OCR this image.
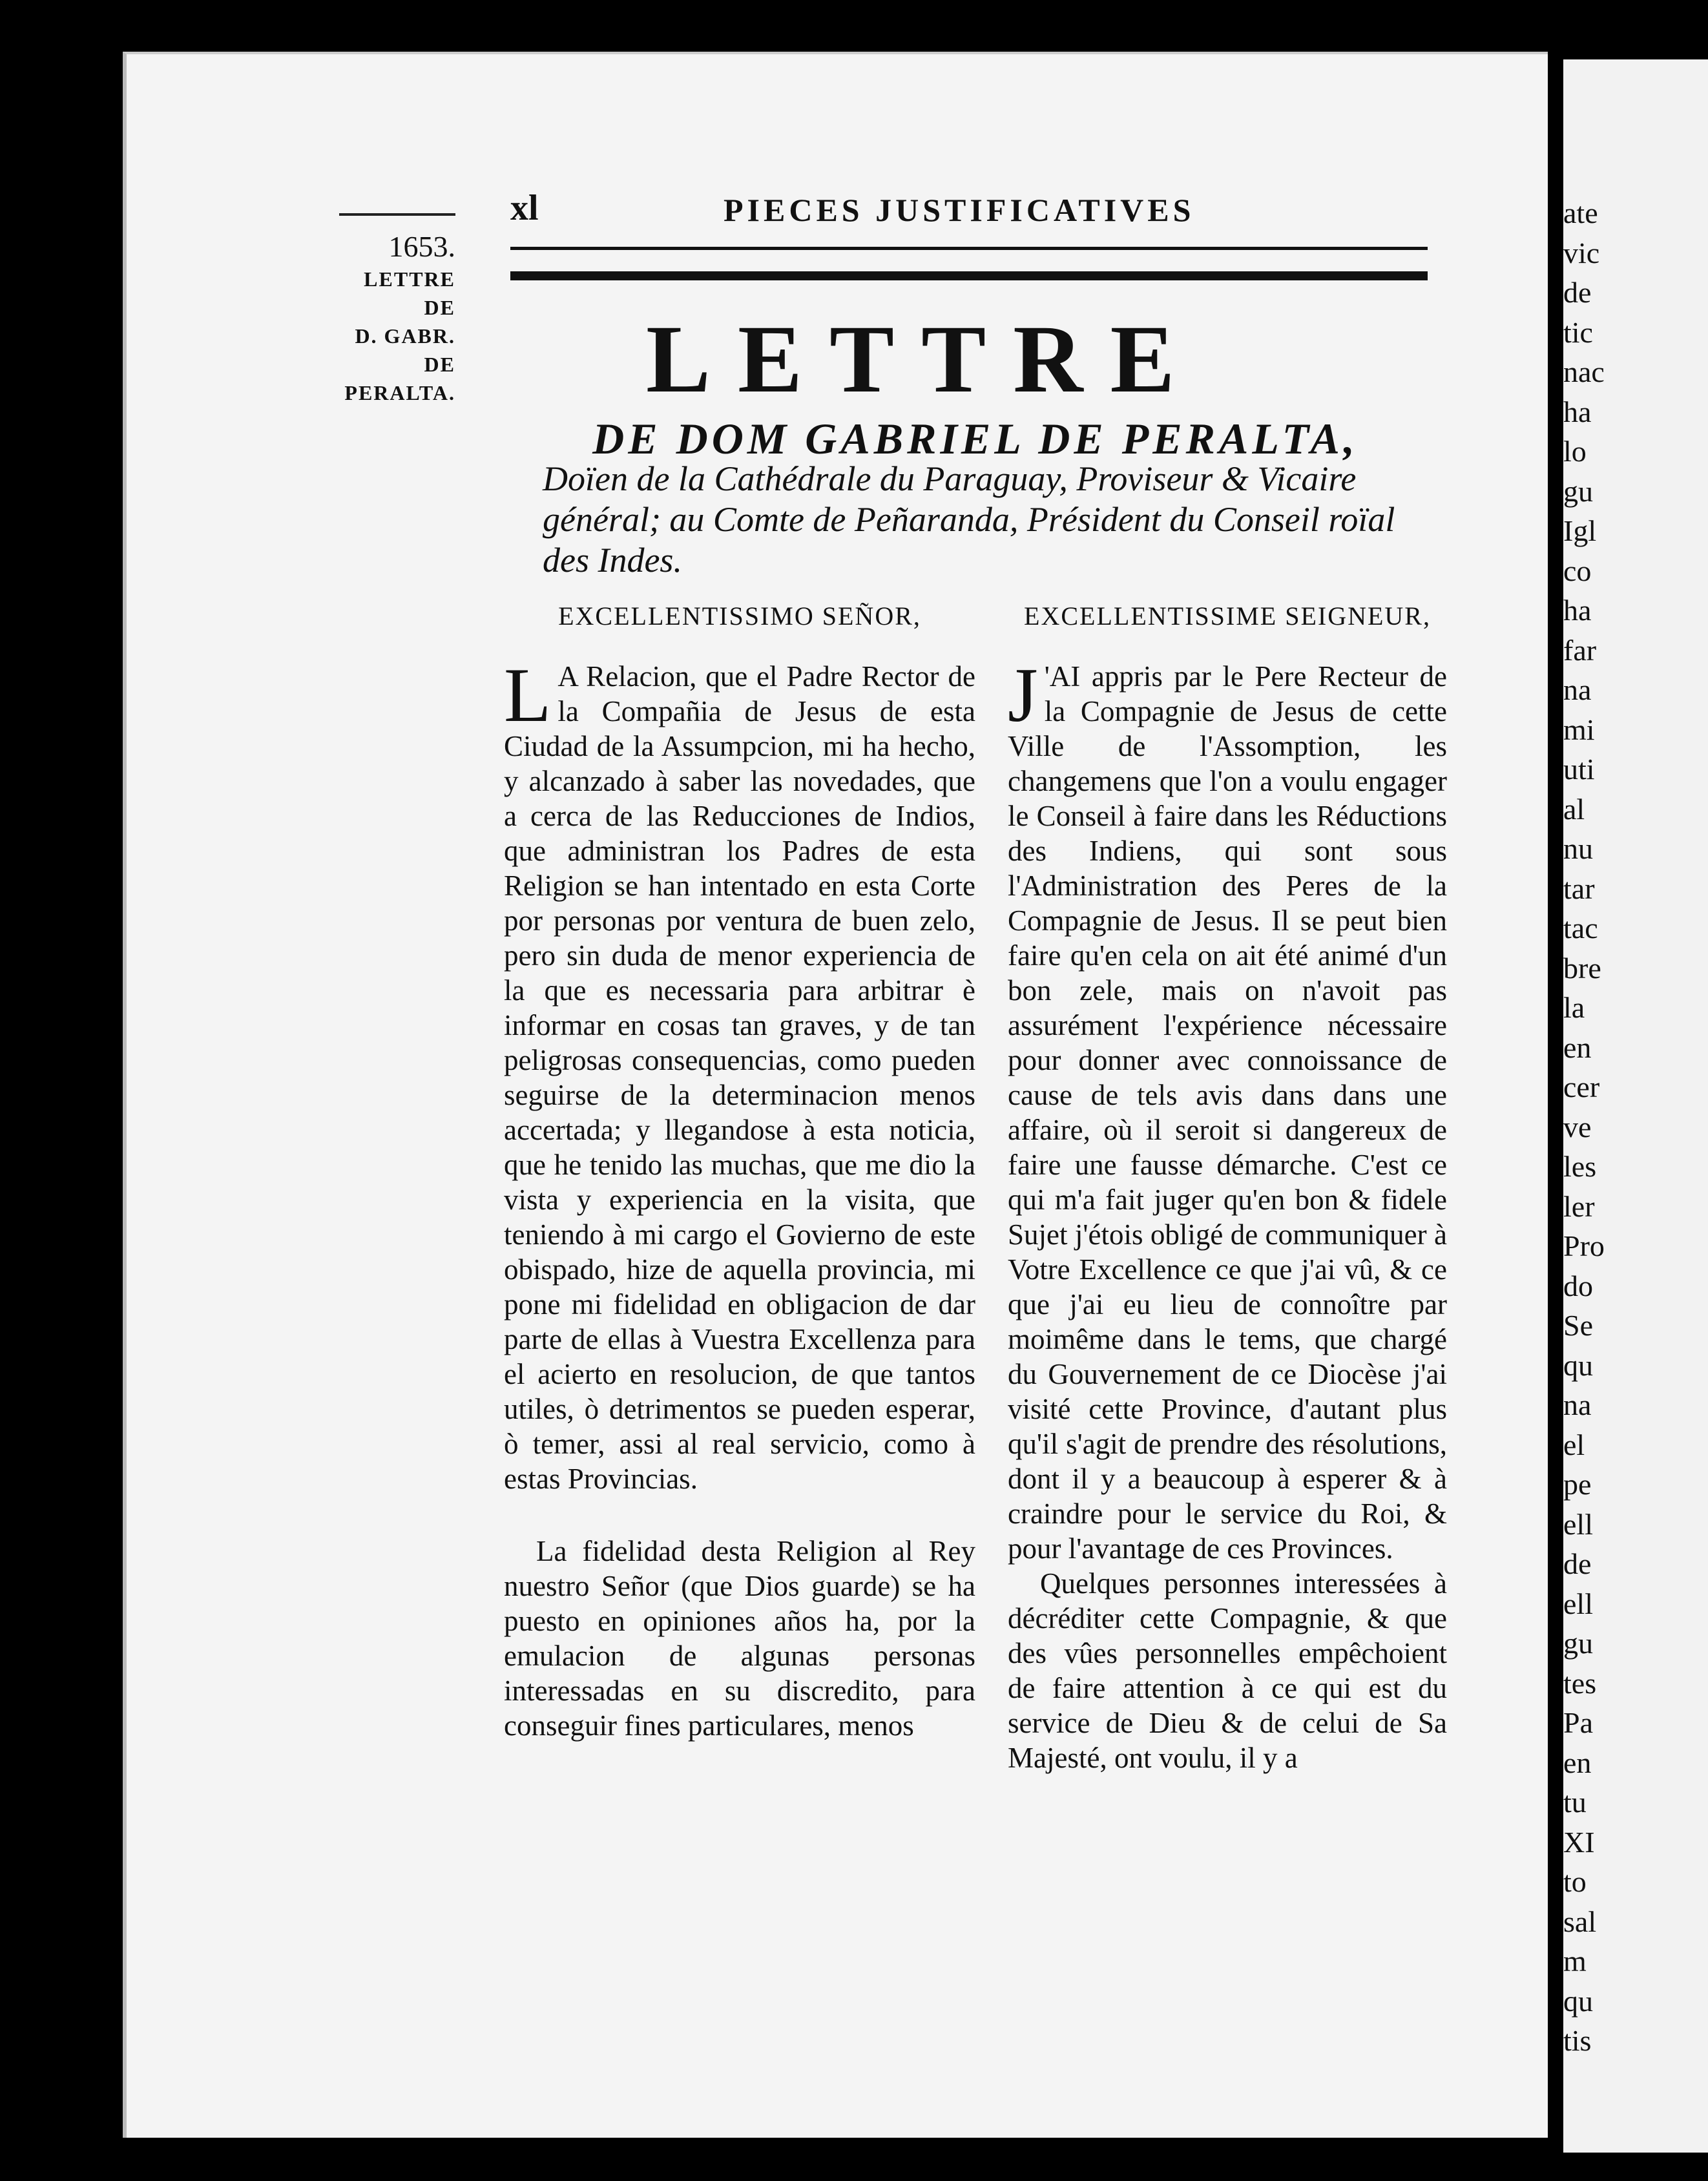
ate
vic
de
tic
nac
ha
lo
gu
Igl
co
ha
far
na
mi
uti
al
nu
tar
tac
bre
la
en
cer
ve
les
ler
Pro
do
Se
qu
na
el
pe
ell
de
ell
gu
tes
Pa
en
tu
XI
to
sal
m
qu
tis
xl	PIECES JUSTIFICATIVES
1653.
LETTRE DE
D. GABR. DE
PERALTA. LETTRE
DE DOM GABRIEL DE PERALTA,
Doïen de la Cathédrale du Paraguay, Proviseur & Vicaire général; au Comte de Peñaranda, Président du Conseil roïal des Indes.
EXCELLENTISSIMO SEÑOR,

L A Relacion, que el Padre Rector de la Compañia de Jesus de esta Ciudad de la Assumpcion, mi ha hecho, y alcanzado à saber las novedades, que a cerca de las Reducciones de Indios, que administran los Padres de esta Religion se han intentado en esta Corte por personas por ventura de buen zelo, pero sin duda de menor experiencia de la que es necessaria para arbitrar è informar en cosas tan graves, y de tan peligrosas consequencias, como pueden seguirse de la determinacion menos accertada; y llegandose à esta noticia, que he tenido las muchas, que me dio la vista y experiencia en la visita, que teniendo à mi cargo el Govierno de este obispado, hize de aquella provincia, mi pone mi fidelidad en obligacion de dar parte de ellas à Vuestra Excellenza para el acierto en resolucion, de que tantos utiles, ò detrimentos se pueden esperar, ò temer, assi al real servicio, como à estas Provincias.

La fidelidad desta Religion al Rey nuestro Señor (que Dios guarde) se ha puesto en opiniones años ha, por la emulacion de algunas personas interessadas en su discredito, para conseguir fines particulares, menos

EXCELLENTISSIME SEIGNEUR,

J 'AI appris par le Pere Recteur de la Compagnie de Jesus de cette Ville de l'Assomption, les changemens que l'on a voulu engager le Conseil à faire dans les Réductions des Indiens, qui sont sous l'Administration des Peres de la Compagnie de Jesus. Il se peut bien faire qu'en cela on ait été animé d'un bon zele, mais on n'avoit pas assurément l'expérience nécessaire pour donner avec connoissance de cause de tels avis dans dans une affaire, où il seroit si dangereux de faire une fausse démarche. C'est ce qui m'a fait juger qu'en bon & fidele Sujet j'étois obligé de communiquer à Votre Excellence ce que j'ai vû, & ce que j'ai eu lieu de connoître par moimême dans le tems, que chargé du Gouvernement de ce Diocèse j'ai visité cette Province, d'autant plus qu'il s'agit de prendre des résolutions, dont il y a beaucoup à esperer & à craindre pour le service du Roi, & pour l'avantage de ces Provinces.

Quelques personnes interessées à décréditer cette Compagnie, & que des vûes personnelles empêchoient de faire attention à ce qui est du service de Dieu & de celui de Sa Majesté, ont voulu, il y a
